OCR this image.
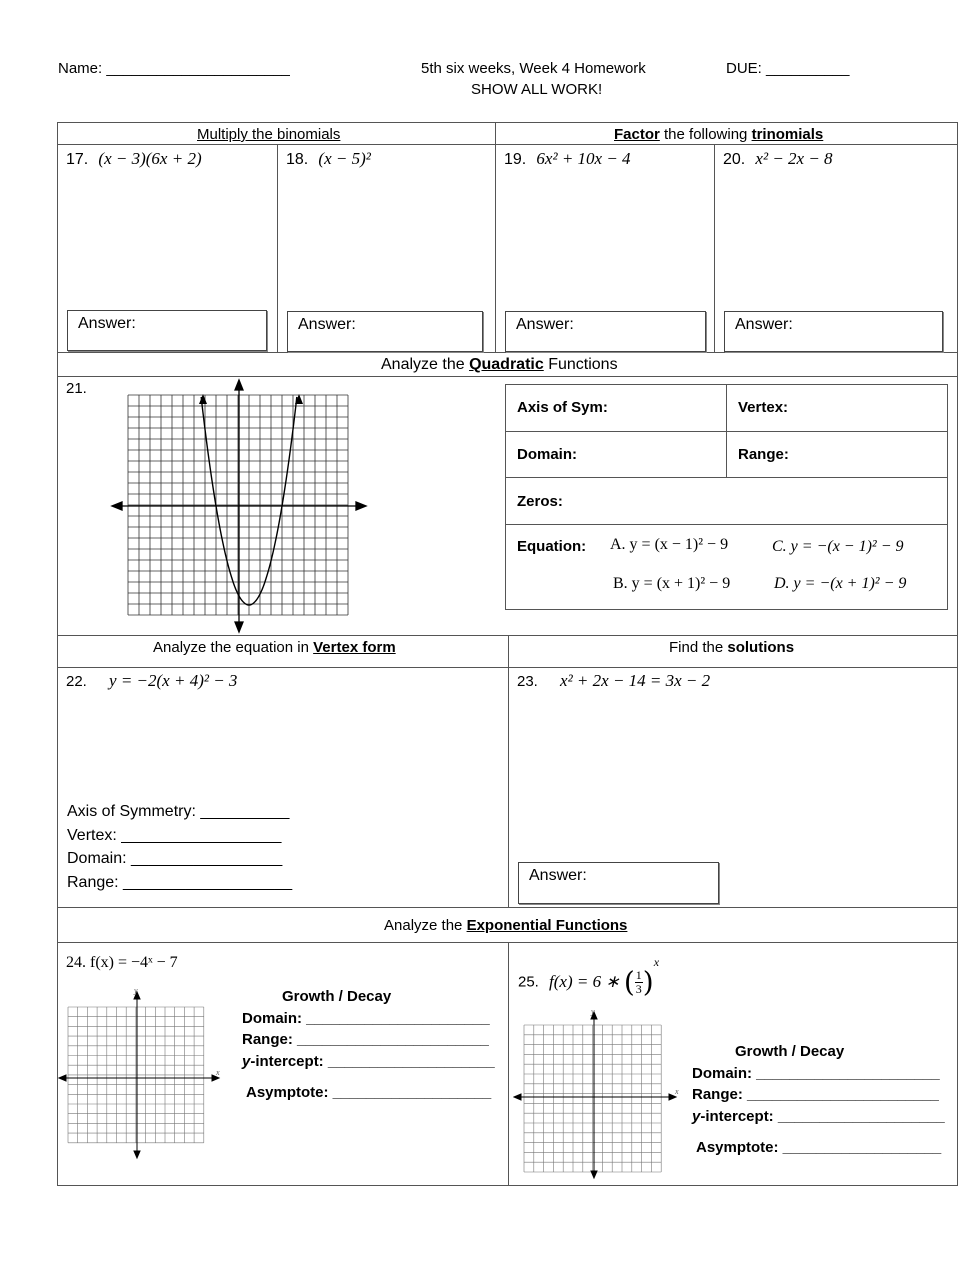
Name: ______________________	5th six weeks, Week 4 Homework	DUE: __________
SHOW ALL WORK!
Multiply the binomials	Factor the following trinomials
17. (x − 3)(6x + 2)	18. (x − 5)²	19. 6x² + 10x − 4	20. x² − 2x − 8
Answer:	Answer:	Answer:	Answer:
Analyze the Quadratic Functions
21.
Axis of Sym:	Vertex:
Domain:	Range:
Zeros:
Equation: A. y = (x − 1)² − 9	C. y = −(x − 1)² − 9
B. y = (x + 1)² − 9	D. y = −(x + 1)² − 9
Analyze the equation in Vertex form	Find the solutions
22. y = −2(x + 4)² − 3
Axis of Symmetry: __________
Vertex: __________________
Domain: _________________
Range: ___________________
23. x² + 2x − 14 = 3x − 2
Answer:
Analyze the Exponential Functions
24. f(x) = −4ˣ − 7
x
y	Growth / Decay
Domain: ______________________
Range: _______________________
y-intercept: ____________________
Asymptote: ___________________
25. f(x) = 6 ∗ ( $\frac{1}{3} )^x$
x
y
Growth / Decay
Domain: ______________________
Range: _______________________
y-intercept: ____________________
Asymptote: ___________________
